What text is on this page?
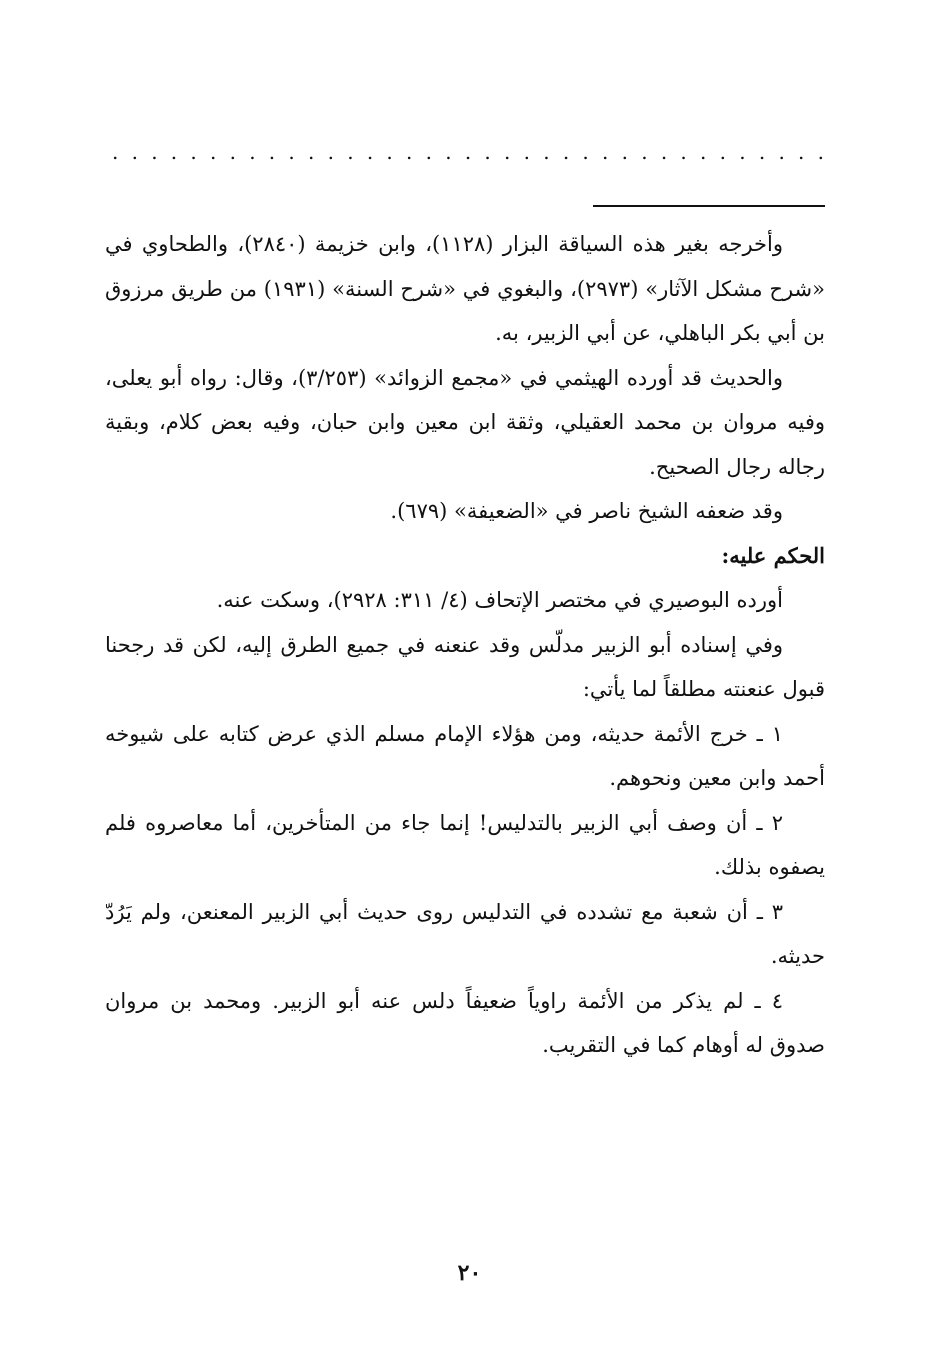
. . . . . . . . . . . . . . . . . . . . . . . . . . . . . . . . . . . . .

وأخرجه بغير هذه السياقة البزار (١١٢٨)، وابن خزيمة (٢٨٤٠)، والطحاوي في «شرح مشكل الآثار» (٢٩٧٣)، والبغوي في «شرح السنة» (١٩٣١) من طريق مرزوق بن أبي بكر الباهلي، عن أبي الزبير، به.

والحديث قد أورده الهيثمي في «مجمع الزوائد» (٣/٢٥٣)، وقال: رواه أبو يعلى، وفيه مروان بن محمد العقيلي، وثقة ابن معين وابن حبان، وفيه بعض كلام، وبقية رجاله رجال الصحيح.

وقد ضعفه الشيخ ناصر في «الضعيفة» (٦٧٩).

الحكم عليه:

أورده البوصيري في مختصر الإتحاف (٤/ ٣١١: ٢٩٢٨)، وسكت عنه.

وفي إسناده أبو الزبير مدلّس وقد عنعنه في جميع الطرق إليه، لكن قد رجحنا قبول عنعنته مطلقاً لما يأتي:

١ ـ خرج الأئمة حديثه، ومن هؤلاء الإمام مسلم الذي عرض كتابه على شيوخه أحمد وابن معين ونحوهم.

٢ ـ أن وصف أبي الزبير بالتدليس! إنما جاء من المتأخرين، أما معاصروه فلم يصفوه بذلك.

٣ ـ أن شعبة مع تشدده في التدليس روى حديث أبي الزبير المعنعن، ولم يَرُدّ حديثه.

٤ ـ لم يذكر من الأئمة راوياً ضعيفاً دلس عنه أبو الزبير. ومحمد بن مروان صدوق له أوهام كما في التقريب.

٢٠
